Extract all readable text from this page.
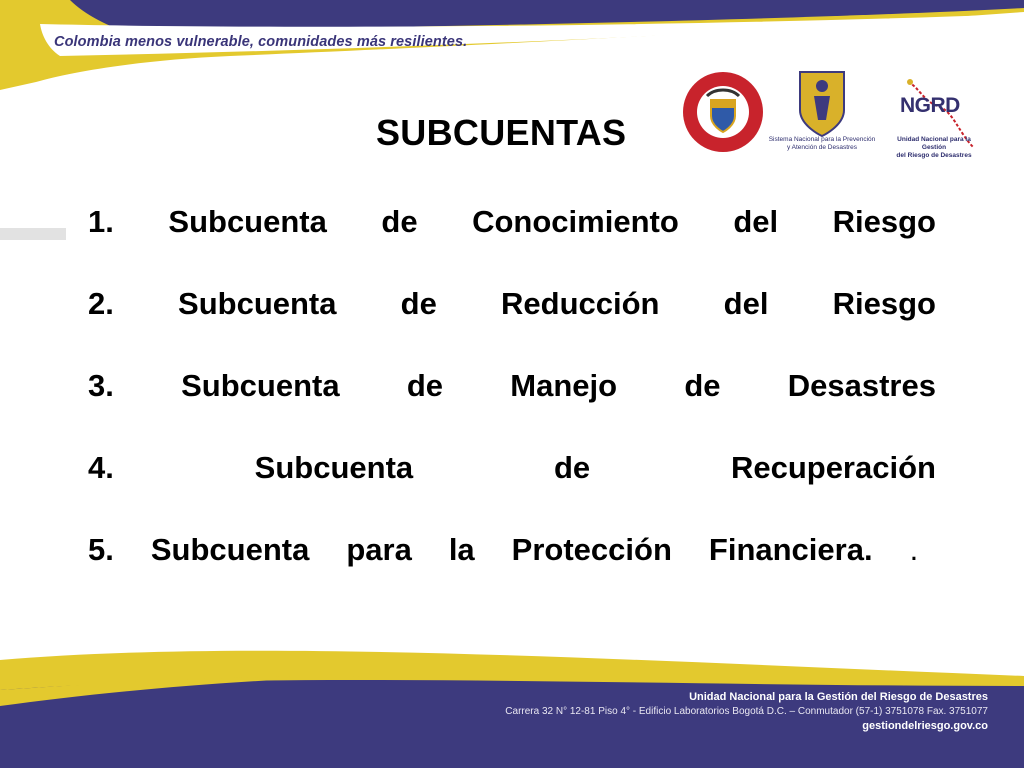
Colombia menos vulnerable, comunidades más resilientes.
SUBCUENTAS	Sistema Nacional para la Prevención
y Atención de Desastres
NGRD
Unidad Nacional para la Gestión
del Riesgo de Desastres
1. Subcuenta de Conocimiento del Riesgo
2. Subcuenta de Reducción del Riesgo
3. Subcuenta de Manejo de Desastres
4.	Subcuenta	de	Recuperación
5. Subcuenta para la Protección Financiera. .
Unidad Nacional para la Gestión del Riesgo de Desastres
Carrera 32 N° 12-81 Piso 4° - Edificio Laboratorios Bogotá D.C. – Conmutador (57-1) 3751078 Fax. 3751077
gestiondelriesgo.gov.co
